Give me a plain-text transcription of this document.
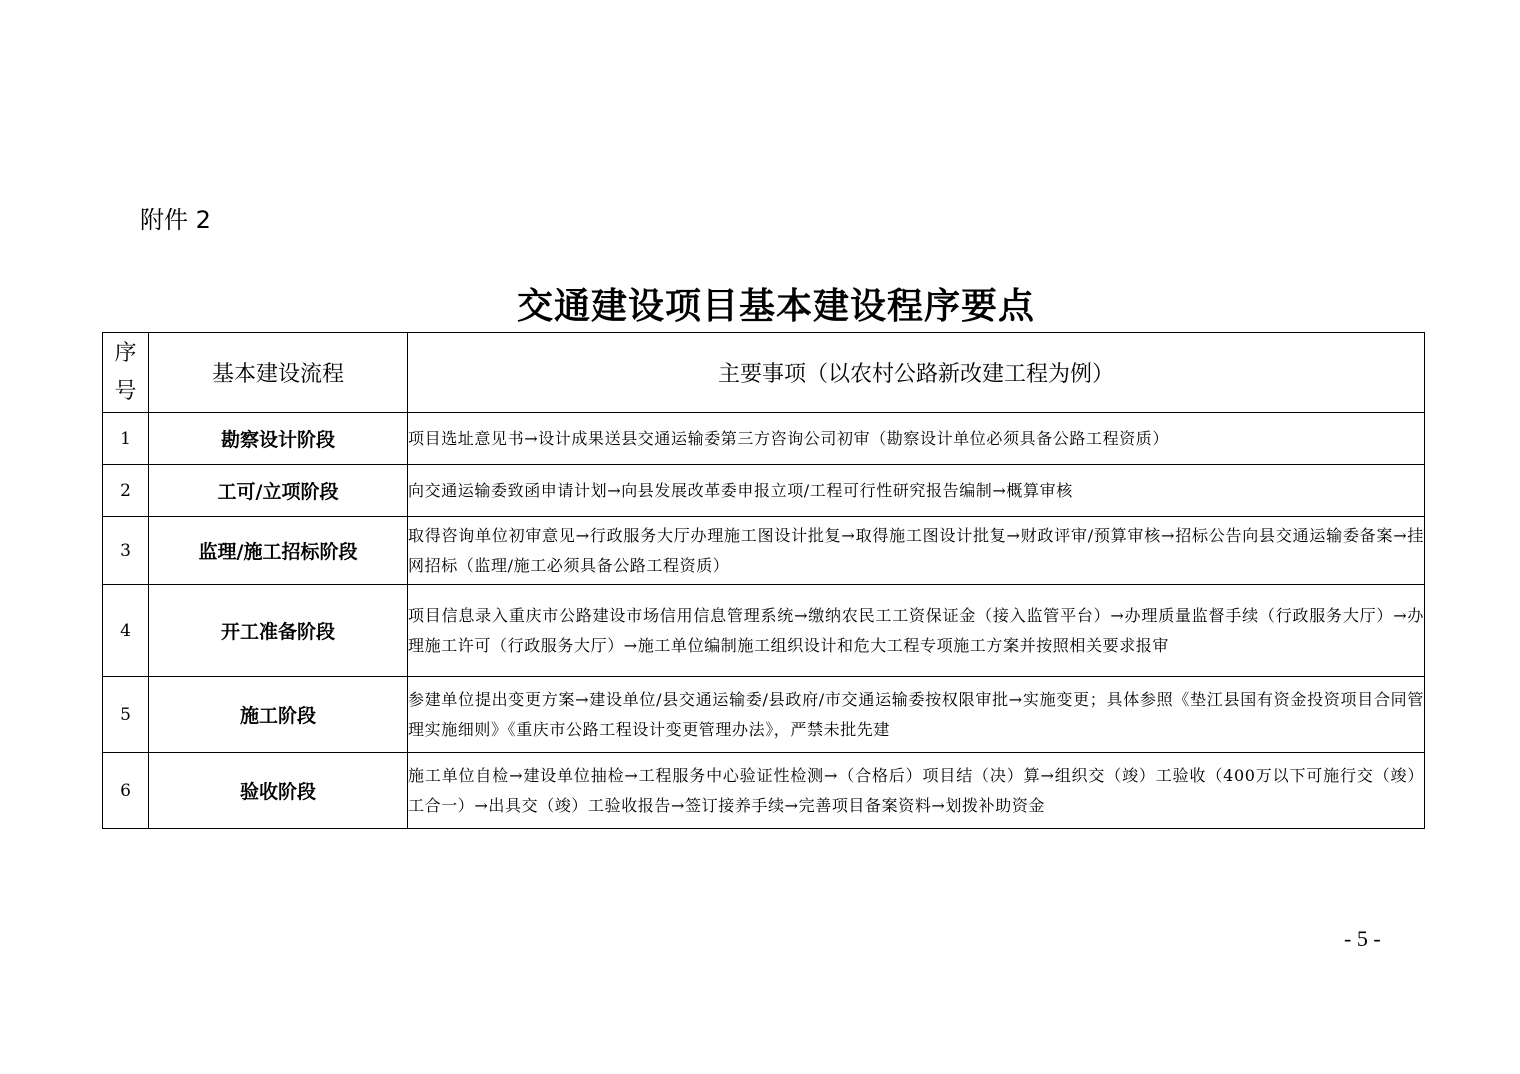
附件 2
交通建设项目基本建设程序要点
序
号	基本建设流程	主要事项（以农村公路新改建工程为例）
1	勘察设计阶段	项目选址意见书→设计成果送县交通运输委第三方咨询公司初审（勘察设计单位必须具备公路工程资质）
2	工可/立项阶段	向交通运输委致函申请计划→向县发展改革委申报立项/工程可行性研究报告编制→概算审核
3	监理/施工招标阶段	取得咨询单位初审意见→行政服务大厅办理施工图设计批复→取得施工图设计批复→财政评审/预算审核→招标公告向县交通运输委备案→挂网招标（监理/施工必须具备公路工程资质）
4	开工准备阶段	项目信息录入重庆市公路建设市场信用信息管理系统→缴纳农民工工资保证金（接入监管平台）→办理质量监督手续（行政服务大厅）→办理施工许可（行政服务大厅）→施工单位编制施工组织设计和危大工程专项施工方案并按照相关要求报审
5	施工阶段	参建单位提出变更方案→建设单位/县交通运输委/县政府/市交通运输委按权限审批→实施变更；具体参照《垫江县国有资金投资项目合同管理实施细则》《重庆市公路工程设计变更管理办法》，严禁未批先建
6	验收阶段	施工单位自检→建设单位抽检→工程服务中心验证性检测→（合格后）项目结（决）算→组织交（竣）工验收（400万以下可施行交（竣）工合一）→出具交（竣）工验收报告→签订接养手续→完善项目备案资料→划拨补助资金
- 5 -
